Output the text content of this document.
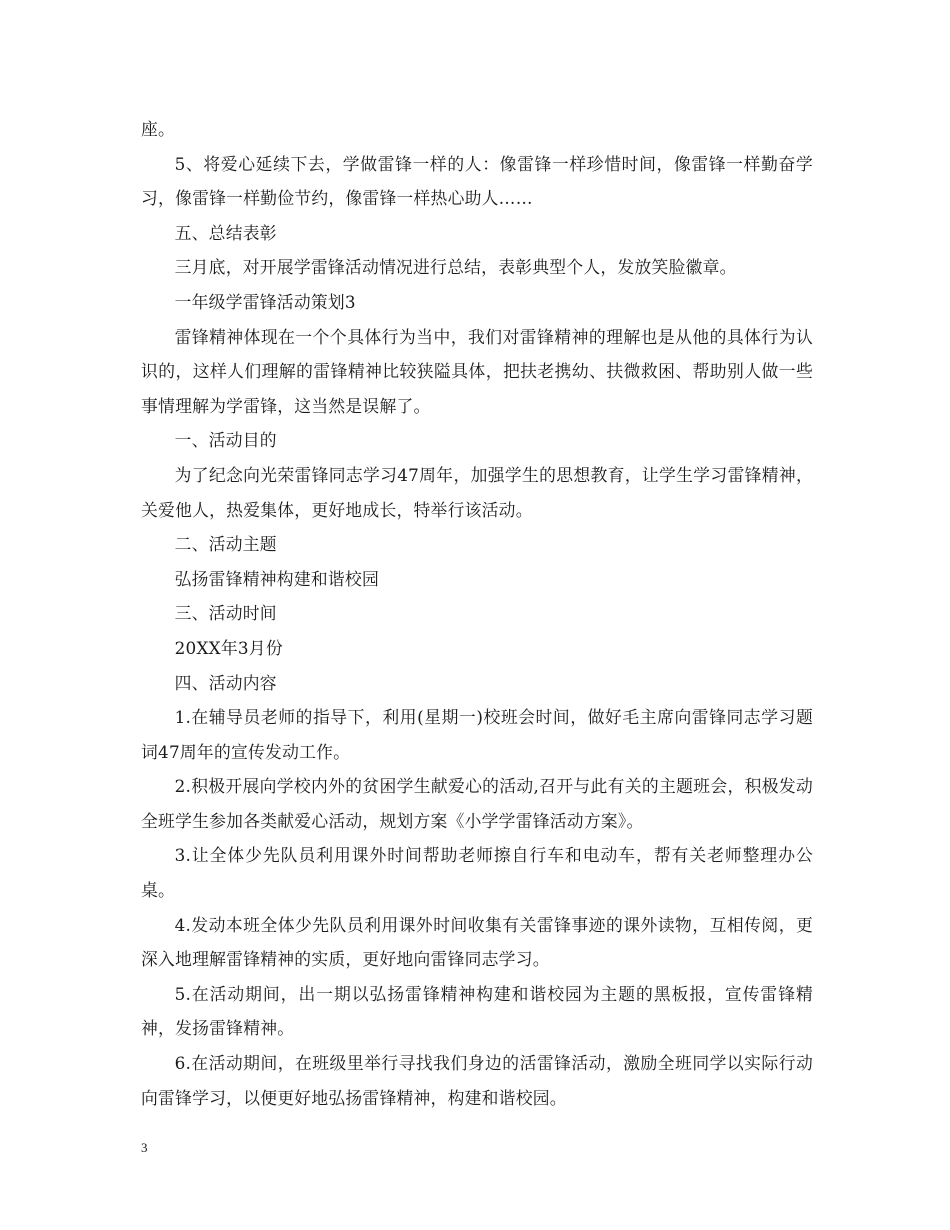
座。

5、将爱心延续下去，学做雷锋一样的人：像雷锋一样珍惜时间，像雷锋一样勤奋学习，像雷锋一样勤俭节约，像雷锋一样热心助人……

五、总结表彰

三月底，对开展学雷锋活动情况进行总结，表彰典型个人，发放笑脸徽章。

一年级学雷锋活动策划3

雷锋精神体现在一个个具体行为当中，我们对雷锋精神的理解也是从他的具体行为认识的，这样人们理解的雷锋精神比较狭隘具体，把扶老携幼、扶微救困、帮助别人做一些事情理解为学雷锋，这当然是误解了。

一、活动目的

为了纪念向光荣雷锋同志学习47周年，加强学生的思想教育，让学生学习雷锋精神，关爱他人，热爱集体，更好地成长，特举行该活动。

二、活动主题

弘扬雷锋精神构建和谐校园

三、活动时间

20XX年3月份

四、活动内容

1.在辅导员老师的指导下，利用(星期一)校班会时间，做好毛主席向雷锋同志学习题词47周年的宣传发动工作。

2.积极开展向学校内外的贫困学生献爱心的活动,召开与此有关的主题班会，积极发动全班学生参加各类献爱心活动，规划方案《小学学雷锋活动方案》。

3.让全体少先队员利用课外时间帮助老师擦自行车和电动车，帮有关老师整理办公桌。

4.发动本班全体少先队员利用课外时间收集有关雷锋事迹的课外读物，互相传阅，更深入地理解雷锋精神的实质，更好地向雷锋同志学习。

5.在活动期间，出一期以弘扬雷锋精神构建和谐校园为主题的黑板报，宣传雷锋精神，发扬雷锋精神。

6.在活动期间，在班级里举行寻找我们身边的活雷锋活动，激励全班同学以实际行动向雷锋学习，以便更好地弘扬雷锋精神，构建和谐校园。

3
